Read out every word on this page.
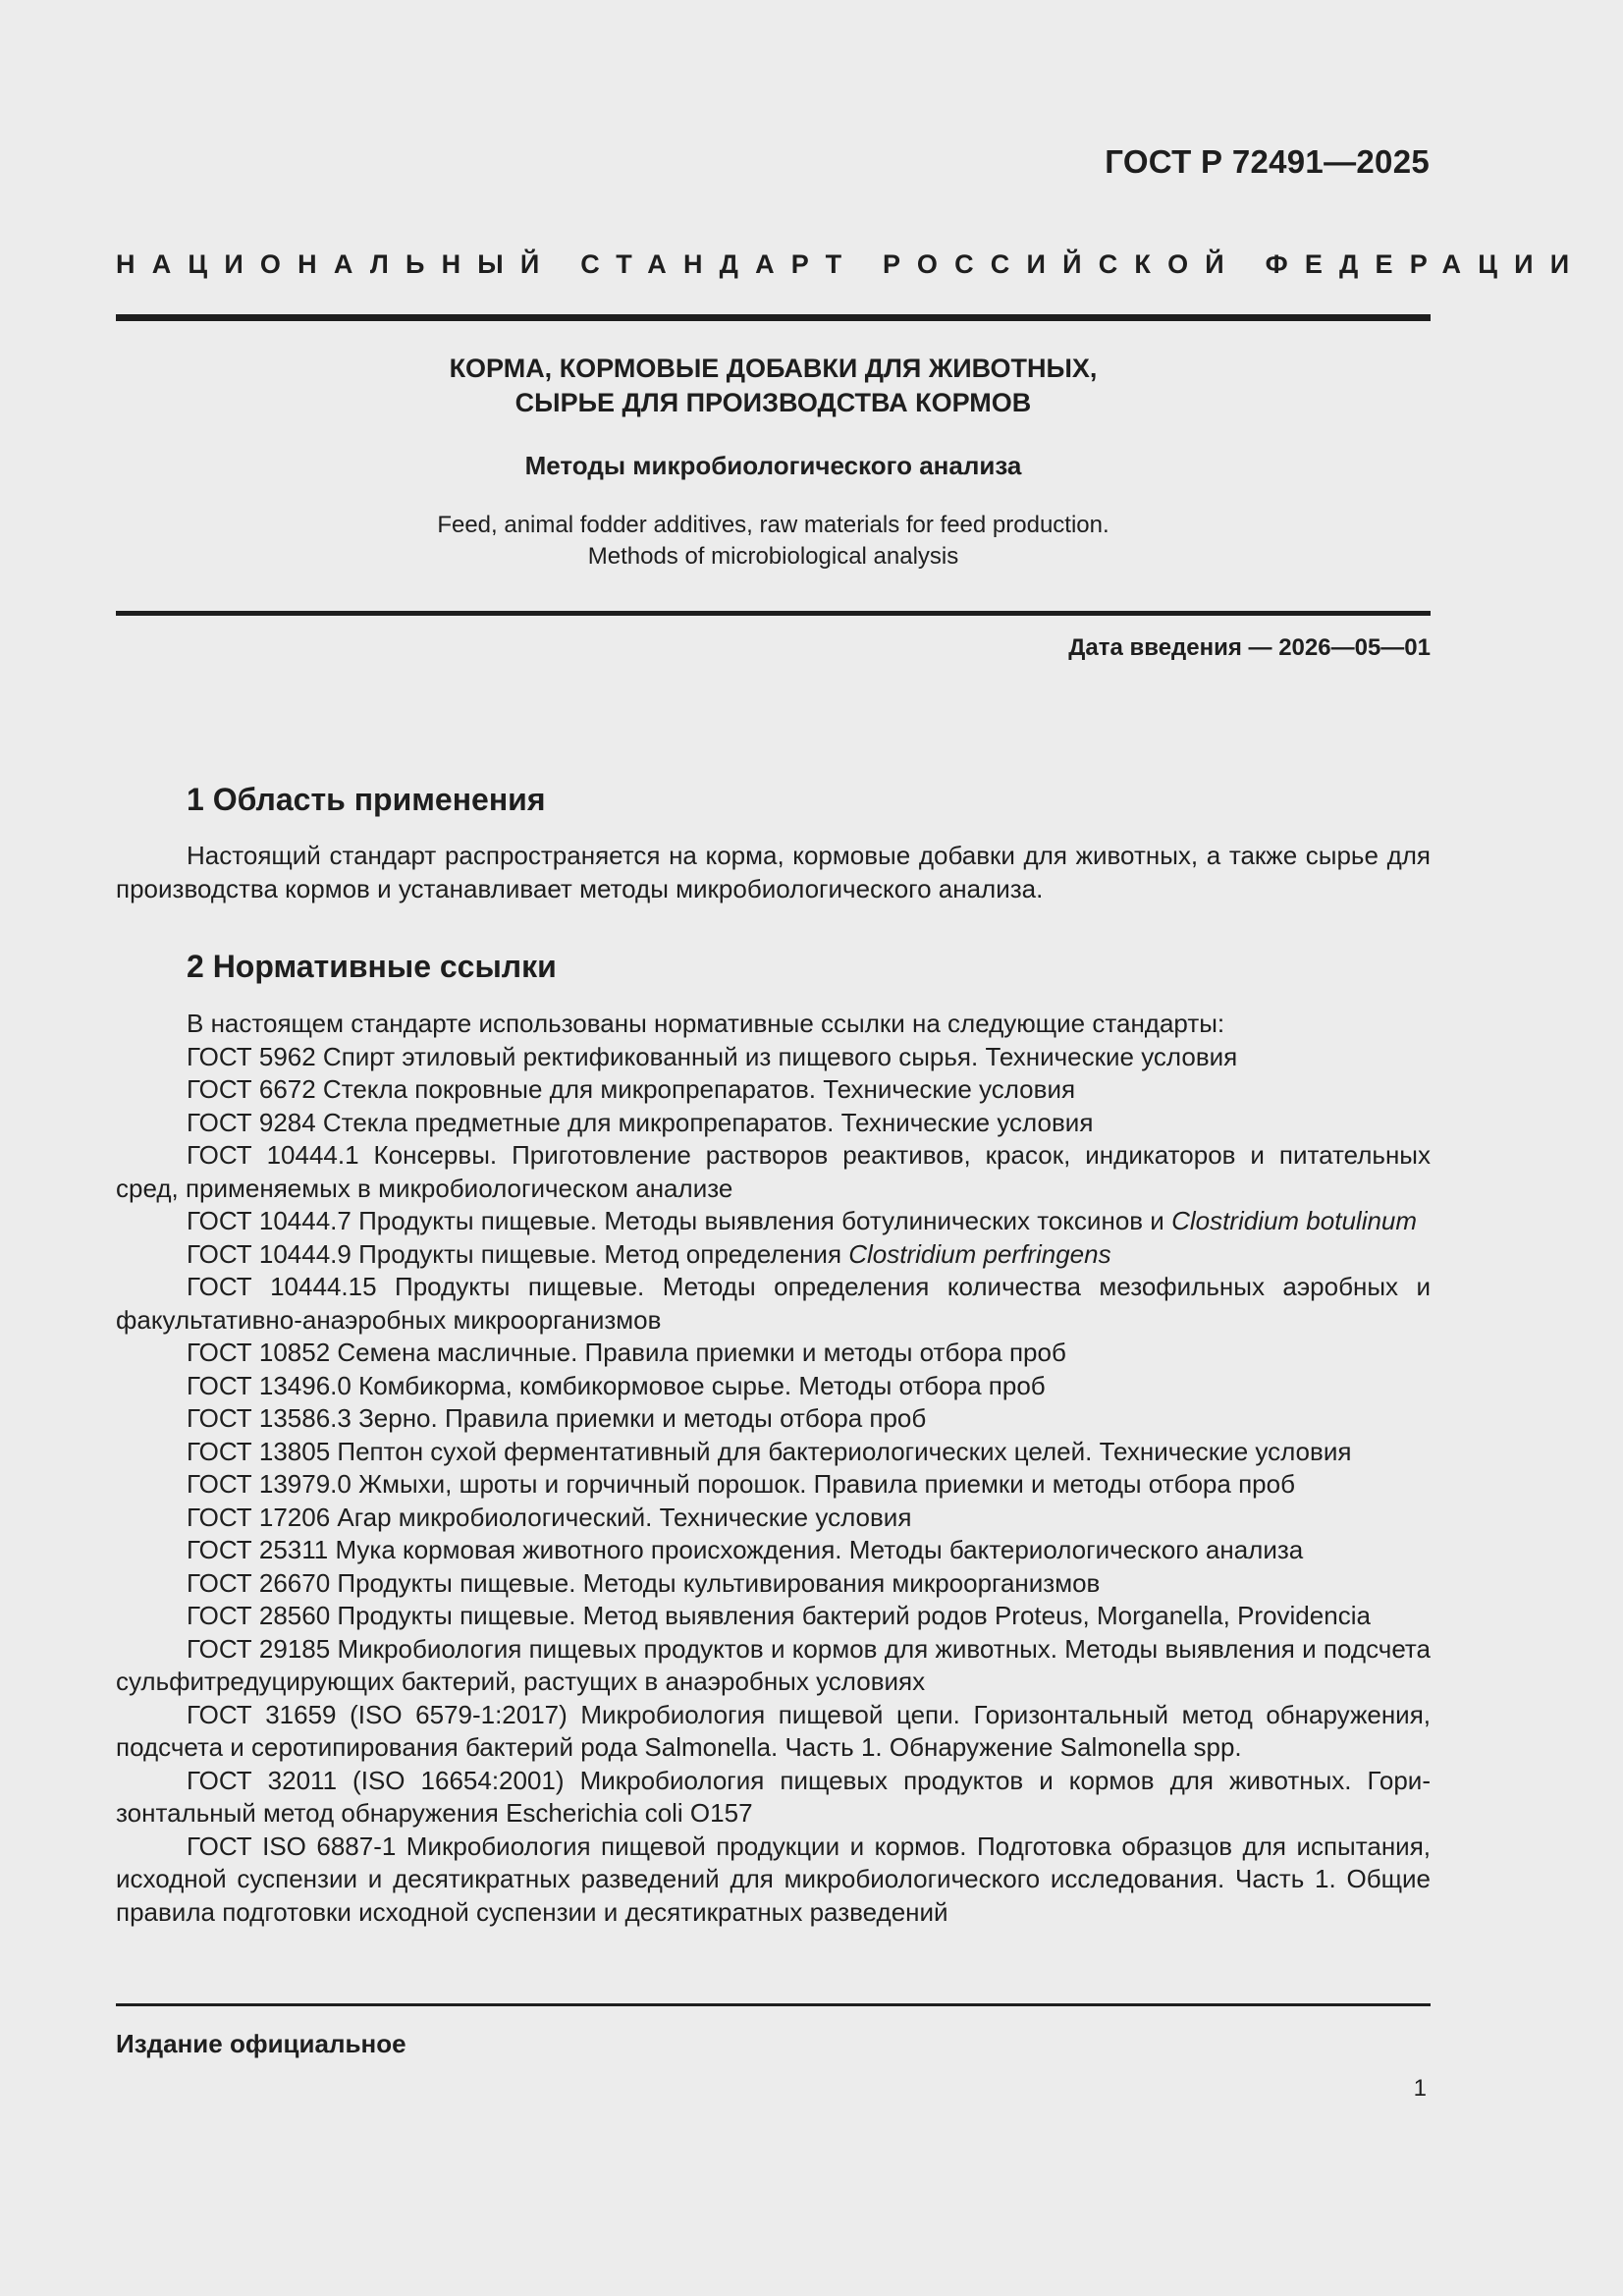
ГОСТ Р 72491—2025
НАЦИОНАЛЬНЫЙ СТАНДАРТ РОССИЙСКОЙ ФЕДЕРАЦИИ
КОРМА, КОРМОВЫЕ ДОБАВКИ ДЛЯ ЖИВОТНЫХ,
СЫРЬЕ ДЛЯ ПРОИЗВОДСТВА КОРМОВ
Методы микробиологического анализа
Feed, animal fodder additives, raw materials for feed production.
Methods of microbiological analysis
Дата введения — 2026—05—01
1 Область применения

Настоящий стандарт распространяется на корма, кормовые добавки для животных, а также сырье для производства кормов и устанавливает методы микробиологического анализа.

2 Нормативные ссылки

В настоящем стандарте использованы нормативные ссылки на следующие стандарты:

ГОСТ 5962 Спирт этиловый ректификованный из пищевого сырья. Технические условия

ГОСТ 6672 Стекла покровные для микропрепаратов. Технические условия

ГОСТ 9284 Стекла предметные для микропрепаратов. Технические условия

ГОСТ 10444.1 Консервы. Приготовление растворов реактивов, красок, индикаторов и питательных сред, применяемых в микробиологическом анализе

ГОСТ 10444.7 Продукты пищевые. Методы выявления ботулинических токсинов и Clostridium botulinum

ГОСТ 10444.9 Продукты пищевые. Метод определения Clostridium perfringens

ГОСТ 10444.15 Продукты пищевые. Методы определения количества мезофильных аэробных и факультативно-анаэробных микроорганизмов

ГОСТ 10852 Семена масличные. Правила приемки и методы отбора проб

ГОСТ 13496.0 Комбикорма, комбикормовое сырье. Методы отбора проб

ГОСТ 13586.3 Зерно. Правила приемки и методы отбора проб

ГОСТ 13805 Пептон сухой ферментативный для бактериологических целей. Технические условия

ГОСТ 13979.0 Жмыхи, шроты и горчичный порошок. Правила приемки и методы отбора проб

ГОСТ 17206 Агар микробиологический. Технические условия

ГОСТ 25311 Мука кормовая животного происхождения. Методы бактериологического анализа

ГОСТ 26670 Продукты пищевые. Методы культивирования микроорганизмов

ГОСТ 28560 Продукты пищевые. Метод выявления бактерий родов Proteus, Morganella, Providencia

ГОСТ 29185 Микробиология пищевых продуктов и кормов для животных. Методы выявления и подсчета сульфитредуцирующих бактерий, растущих в анаэробных условиях

ГОСТ 31659 (ISO 6579-1:2017) Микробиология пищевой цепи. Горизонтальный метод обнаружения, подсчета и серотипирования бактерий рода Salmonella. Часть 1. Обнаружение Salmonella spp.

ГОСТ 32011 (ISO 16654:2001) Микробиология пищевых продуктов и кормов для животных. Горизонтальный метод обнаружения Escherichia coli O157

ГОСТ ISO 6887-1 Микробиология пищевой продукции и кормов. Подготовка образцов для испытания, исходной суспензии и десятикратных разведений для микробиологического исследования. Часть 1. Общие правила подготовки исходной суспензии и десятикратных разведений

Издание официальное
1
